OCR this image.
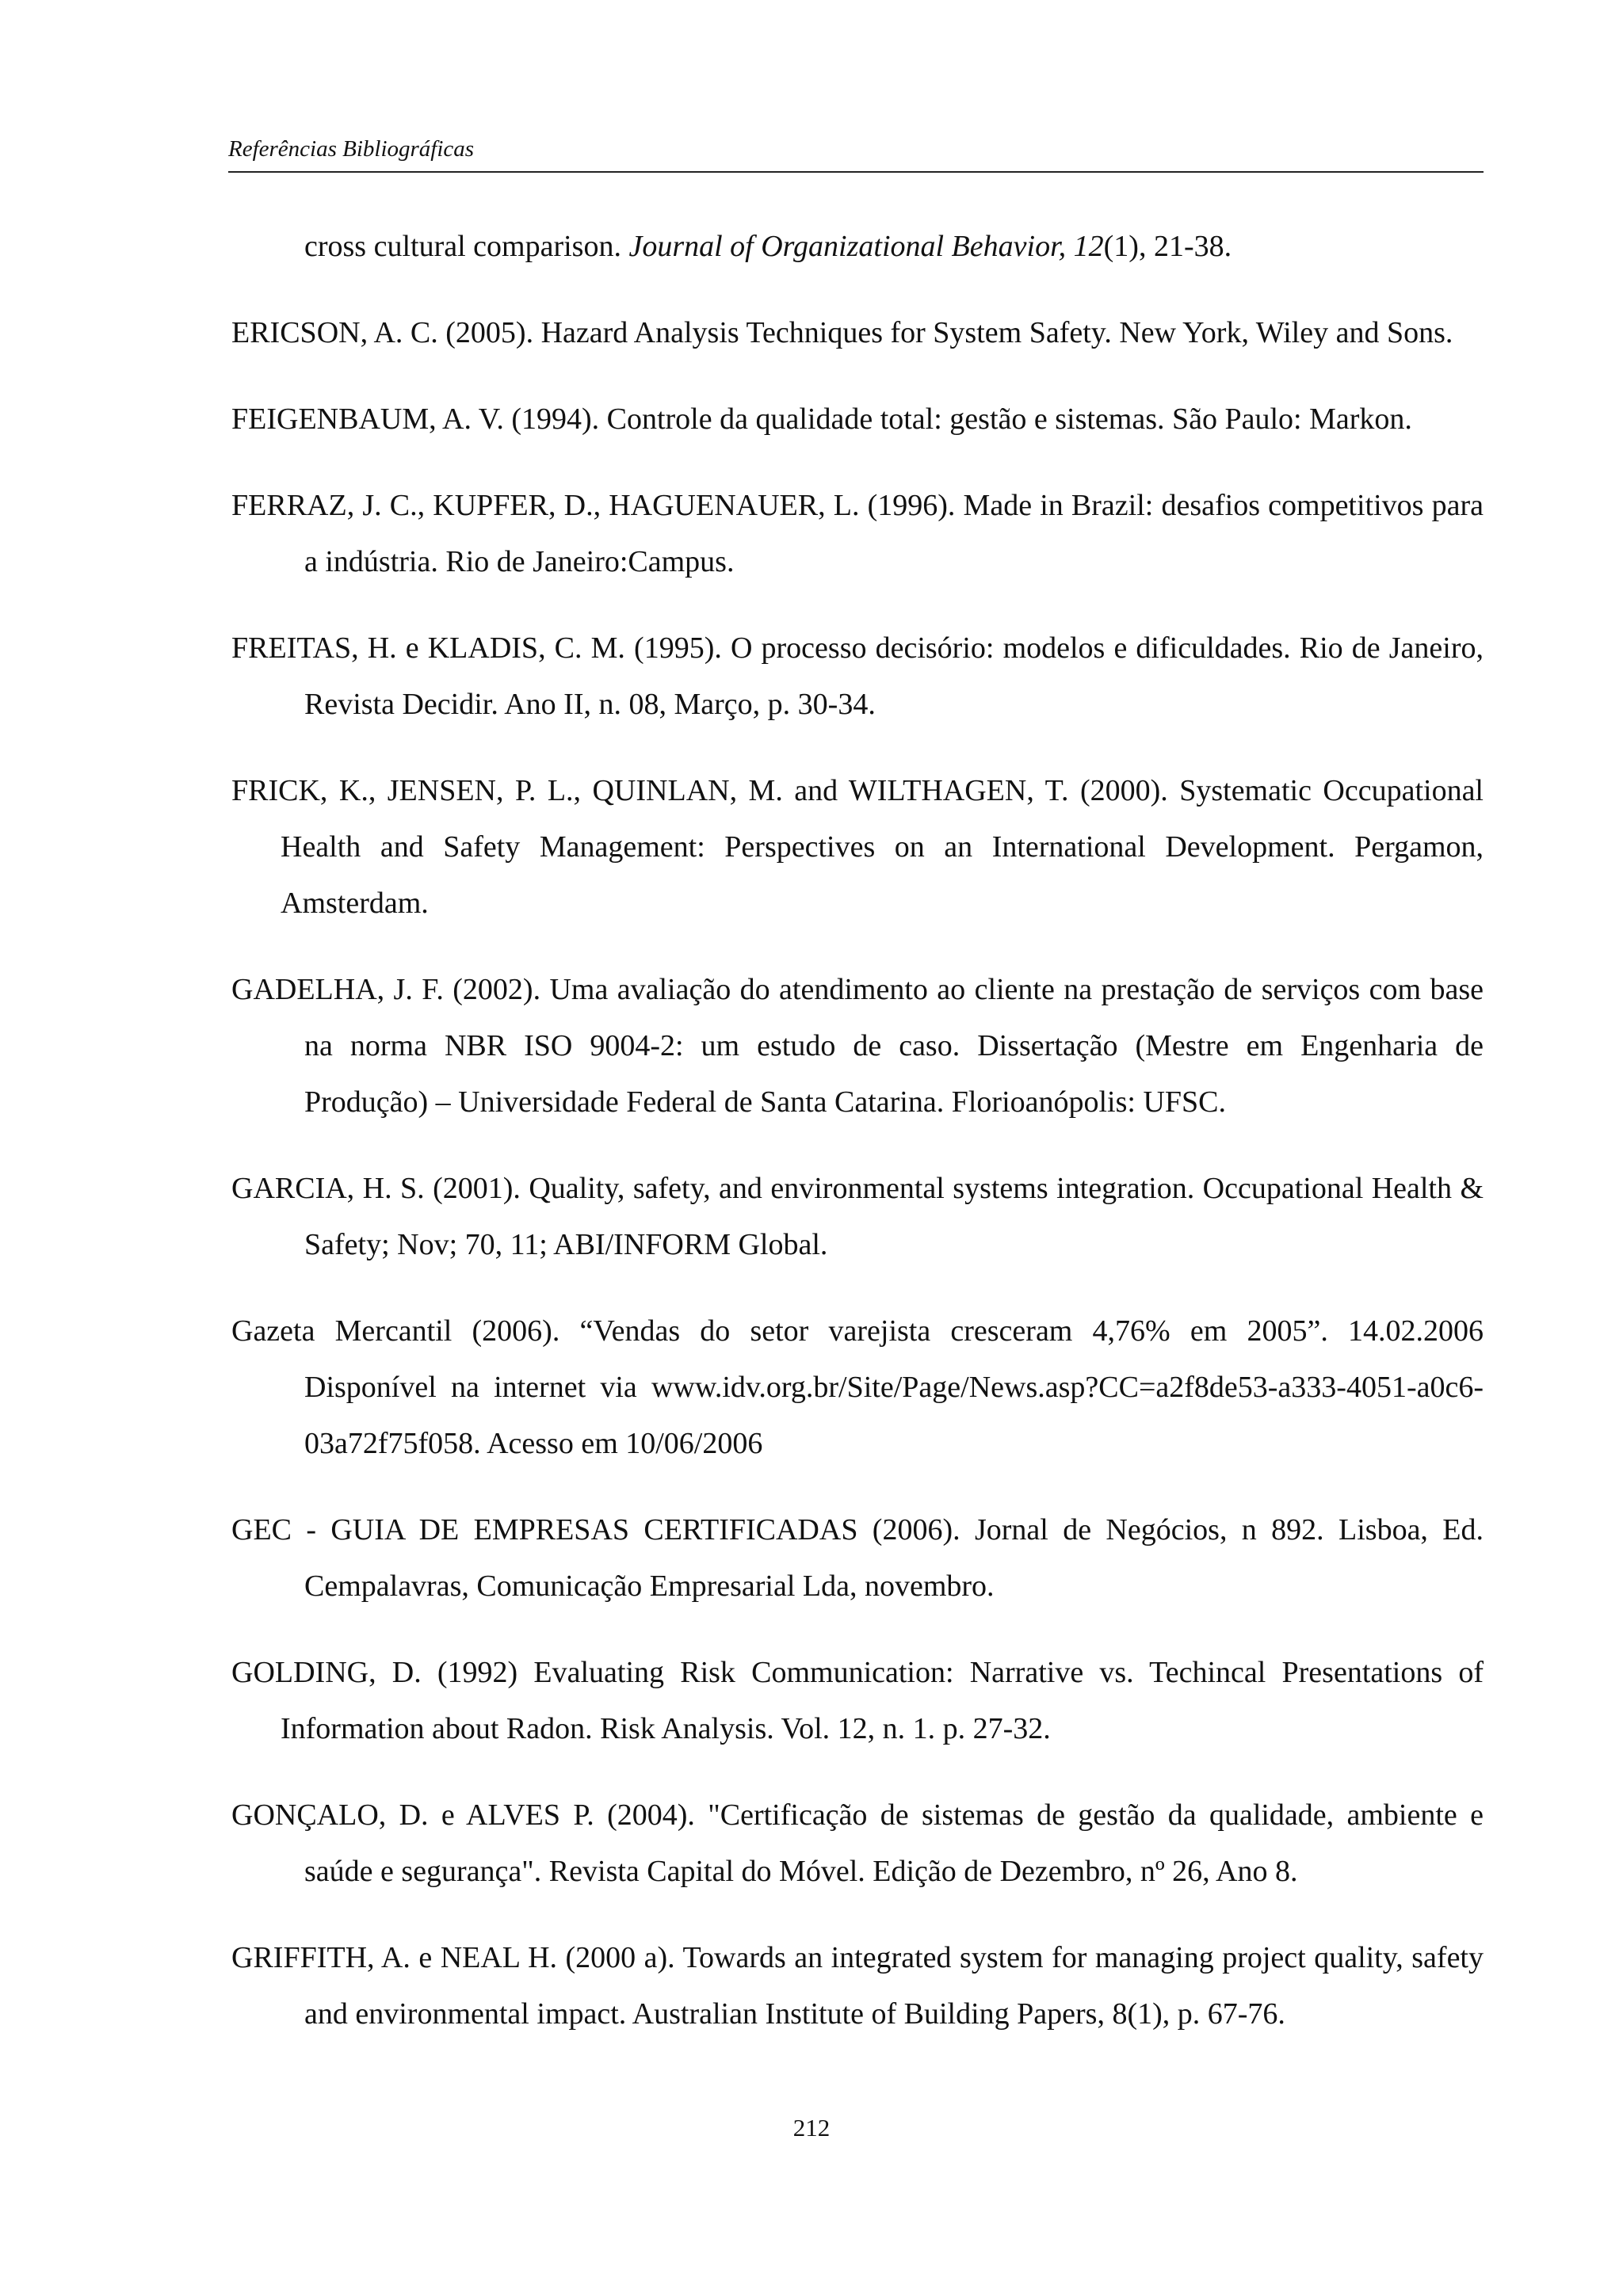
Referências Bibliográficas

cross cultural comparison. Journal of Organizational Behavior, 12(1), 21-38.

ERICSON, A. C. (2005). Hazard Analysis Techniques for System Safety. New York, Wiley and Sons.

FEIGENBAUM, A. V. (1994). Controle da qualidade total: gestão e sistemas. São Paulo: Markon.

FERRAZ, J. C., KUPFER, D., HAGUENAUER, L. (1996). Made in Brazil: desafios competitivos para a indústria. Rio de Janeiro:Campus.

FREITAS, H. e KLADIS, C. M. (1995). O processo decisório: modelos e dificuldades. Rio de Janeiro, Revista Decidir. Ano II, n. 08, Março, p. 30-34.

FRICK, K., JENSEN, P. L., QUINLAN, M. and WILTHAGEN, T. (2000). Systematic Occupational Health and Safety Management: Perspectives on an International Development. Pergamon, Amsterdam.

GADELHA, J. F. (2002). Uma avaliação do atendimento ao cliente na prestação de serviços com base na norma NBR ISO 9004-2: um estudo de caso. Dissertação (Mestre em Engenharia de Produção) – Universidade Federal de Santa Catarina. Florioanópolis: UFSC.

GARCIA, H. S. (2001). Quality, safety, and environmental systems integration. Occupational Health & Safety; Nov; 70, 11; ABI/INFORM Global.

Gazeta Mercantil (2006). “Vendas do setor varejista cresceram 4,76% em 2005”. 14.02.2006 Disponível na internet via www.idv.org.br/Site/Page/News.asp?CC=a2f8de53-a333-4051-a0c6-03a72f75f058. Acesso em 10/06/2006

GEC - GUIA DE EMPRESAS CERTIFICADAS (2006). Jornal de Negócios, n 892. Lisboa, Ed. Cempalavras, Comunicação Empresarial Lda, novembro.

GOLDING, D. (1992) Evaluating Risk Communication: Narrative vs. Techincal Presentations of Information about Radon. Risk Analysis. Vol. 12, n. 1. p. 27-32.

GONÇALO, D. e ALVES P. (2004). "Certificação de sistemas de gestão da qualidade, ambiente e saúde e segurança". Revista Capital do Móvel. Edição de Dezembro, nº 26, Ano 8.

GRIFFITH, A. e NEAL H. (2000 a). Towards an integrated system for managing project quality, safety and environmental impact. Australian Institute of Building Papers, 8(1), p. 67-76.

212
